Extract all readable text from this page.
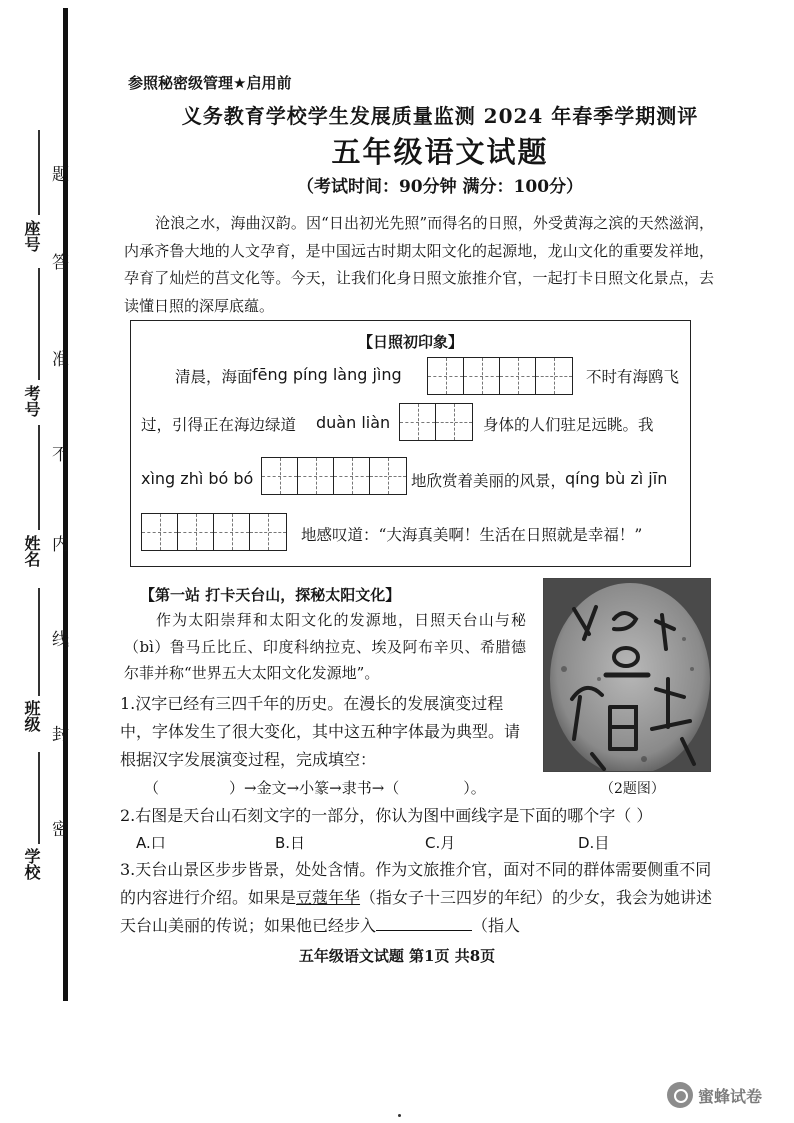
座号
考号
姓名
班级
学校
题
答
准
不
内
线
封
密
参照秘密级管理★启用前
义务教育学校学生发展质量监测 2024 年春季学期测评
五年级语文试题
（考试时间：90分钟 满分：100分）
沧浪之水，海曲汉韵。因“日出初光先照”而得名的日照，外受黄海之滨的天然滋润，内承齐鲁大地的人文孕育，是中国远古时期太阳文化的起源地，龙山文化的重要发祥地，孕育了灿烂的莒文化等。今天，让我们化身日照文旅推介官，一起打卡日照文化景点，去读懂日照的深厚底蕴。
【日照初印象】
清晨，海面 fēng píng làng jìng	不时有海鸥飞
过，引得正在海边绿道 duàn liàn	身体的人们驻足远眺。我
xìng zhì bó bó	地欣赏着美丽的风景，
qíng bù zì jīn
地感叹道：“大海真美啊！生活在日照就是幸福！”
【第一站 打卡天台山，探秘太阳文化】
作为太阳崇拜和太阳文化的发源地，日照天台山与秘（bì）鲁马丘比丘、印度科纳拉克、埃及阿布辛贝、希腊德尔菲并称“世界五大太阳文化发源地”。
1.汉字已经有三四千年的历史。在漫长的发展演变过程中，字体发生了很大变化，其中这五种字体最为典型。请根据汉字发展演变过程，完成填空：
（	）→金文→小篆→隶书→（	）。	（2题图）
2.右图是天台山石刻文字的一部分，你认为图中画线字是下面的哪个字（ ）
A.口	B.日	C.月	D.目
3.天台山景区步步皆景，处处含情。作为文旅推介官，面对不同的群体需要侧重不同的内容进行介绍。如果是豆蔻年华（指女子十三四岁的年纪）的少女，我会为她讲述天台山美丽的传说；如果他已经步入	（指人
五年级语文试题 第1页 共8页
蜜蜂试卷
